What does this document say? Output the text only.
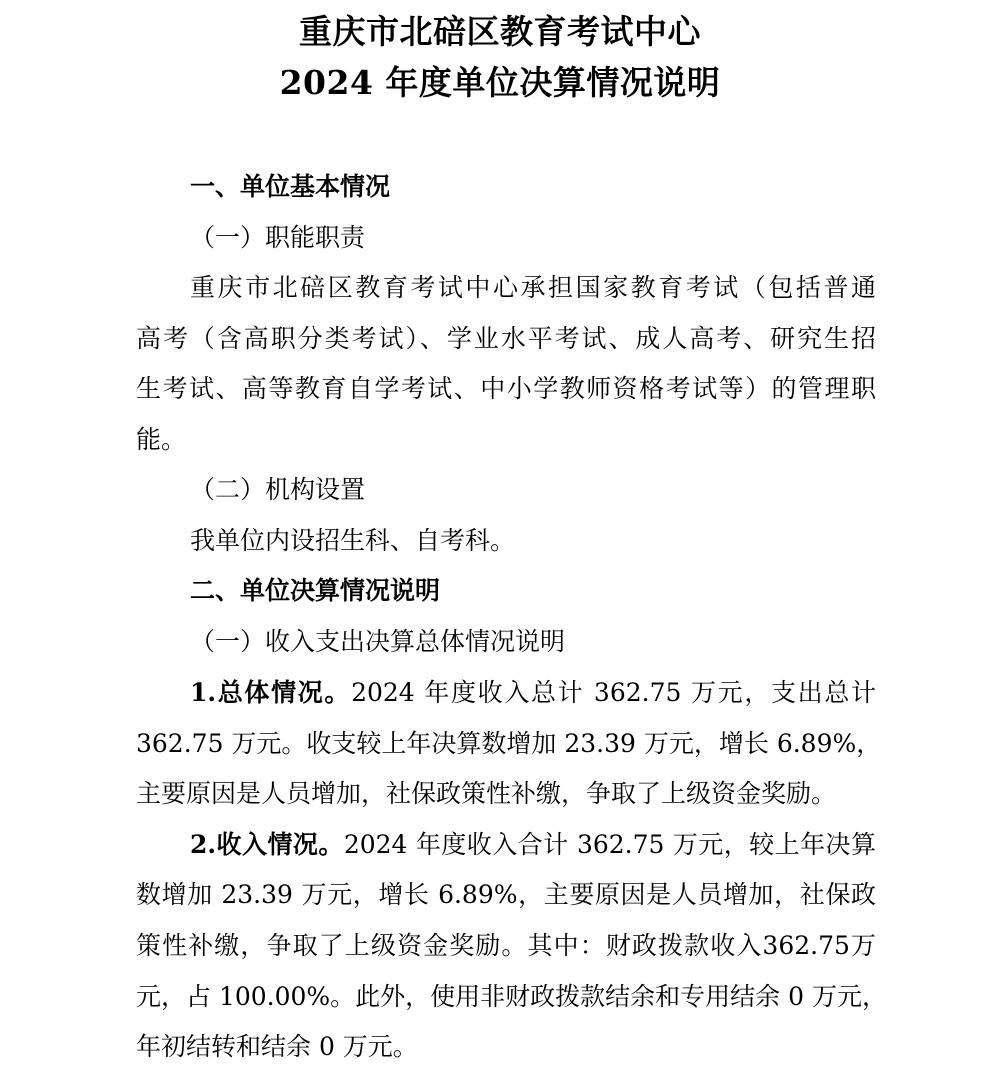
重庆市北碚区教育考试中心
2024 年度单位决算情况说明
一、单位基本情况
（一）职能职责
重庆市北碚区教育考试中心承担国家教育考试（包括普通
高考（含高职分类考试）、学业水平考试、成人高考、研究生招
生考试、高等教育自学考试、中小学教师资格考试等）的管理职
能。
（二）机构设置
我单位内设招生科、自考科。
二、单位决算情况说明
（一）收入支出决算总体情况说明
1.总体情况。2024 年度收入总计 362.75 万元，支出总计
362.75 万元。收支较上年决算数增加 23.39 万元，增长 6.89%，
主要原因是人员增加，社保政策性补缴，争取了上级资金奖励。
2.收入情况。2024 年度收入合计 362.75 万元，较上年决算
数增加 23.39 万元，增长 6.89%，主要原因是人员增加，社保政
策性补缴，争取了上级资金奖励。其中：财政拨款收入362.75万
元，占 100.00%。此外，使用非财政拨款结余和专用结余 0 万元，
年初结转和结余 0 万元。
